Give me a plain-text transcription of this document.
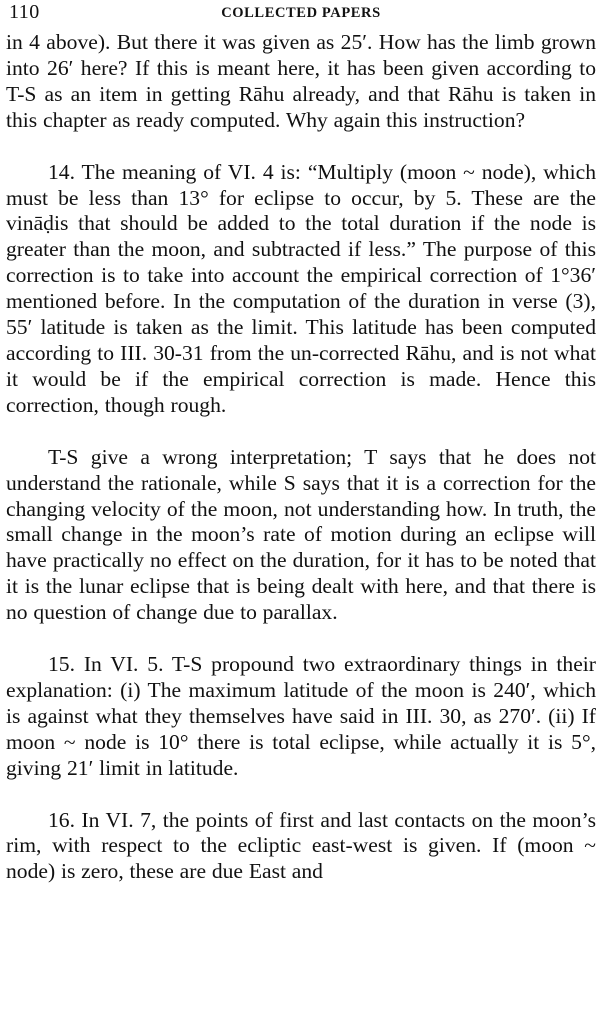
110	COLLECTED PAPERS

in 4 above). But there it was given as 25′. How has the limb grown into 26′ here? If this is meant here, it has been given according to T-S as an item in getting Rāhu already, and that Rāhu is taken in this chapter as ready computed. Why again this instruction?

14. The meaning of VI. 4 is: “Multiply (moon ~ node), which must be less than 13° for eclipse to occur, by 5. These are the vināḍis that should be added to the total duration if the node is greater than the moon, and subtracted if less.” The purpose of this correction is to take into account the empirical correction of 1°36′ mentioned before. In the computation of the duration in verse (3), 55′ latitude is taken as the limit. This latitude has been computed according to III. 30-31 from the un-corrected Rāhu, and is not what it would be if the empirical correction is made. Hence this correction, though rough.

T-S give a wrong interpretation; T says that he does not understand the rationale, while S says that it is a correction for the changing velocity of the moon, not understanding how. In truth, the small change in the moon’s rate of motion during an eclipse will have practically no effect on the duration, for it has to be noted that it is the lunar eclipse that is being dealt with here, and that there is no question of change due to parallax.

15. In VI. 5. T-S propound two extraordinary things in their explanation: (i) The maximum latitude of the moon is 240′, which is against what they themselves have said in III. 30, as 270′. (ii) If moon ~ node is 10° there is total eclipse, while actually it is 5°, giving 21′ limit in latitude.

16. In VI. 7, the points of first and last contacts on the moon’s rim, with respect to the ecliptic east-west is given. If (moon ~ node) is zero, these are due East and
